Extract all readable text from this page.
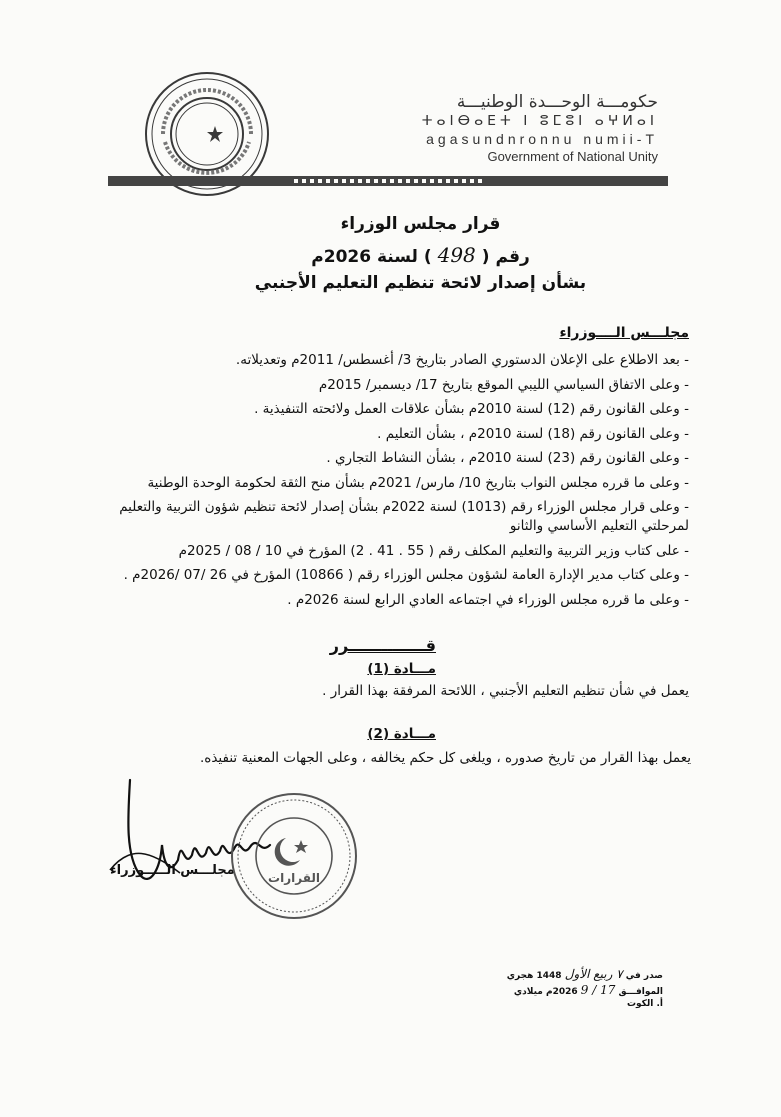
حكومـــة الوحـــدة الوطنيـــة
ⵜⴰⵏⴱⴰⴹⵜ ⵏ ⵓⵎⵓⵏ ⴰⵖⵍⴰⵏ
agasundnronnu numii-T
Government of National Unity
قرار مجلس الوزراء
رقم (498) لسنة 2026م
بشأن إصدار لائحة تنظيم التعليم الأجنبي
مجلـــس الــــوزراء
- بعد الاطلاع على الإعلان الدستوري الصادر بتاريخ 3/ أغسطس/ 2011م وتعديلاته.
- وعلى الاتفاق السياسي الليبي الموقع بتاريخ 17/ ديسمبر/ 2015م
- وعلى القانون رقم (12) لسنة 2010م بشأن علاقات العمل ولائحته التنفيذية .
- وعلى القانون رقم (18) لسنة 2010م ، بشأن التعليم .
- وعلى القانون رقم (23) لسنة 2010م ، بشأن النشاط التجاري .
- وعلى ما قرره مجلس النواب بتاريخ 10/ مارس/ 2021م بشأن منح الثقة لحكومة الوحدة الوطنية
- وعلى قرار مجلس الوزراء رقم (1013) لسنة 2022م بشأن إصدار لائحة تنظيم شؤون التربية والتعليم
لمرحلتي التعليم الأساسي والثانو
- على كتاب وزير التربية والتعليم المكلف رقم ( 55 . 41 . 2) المؤرخ في 10 / 08 / 2025م
- وعلى كتاب مدير الإدارة العامة لشؤون مجلس الوزراء رقم ( 10866) المؤرخ في 26 /07 /2026م .
- وعلى ما قرره مجلس الوزراء في اجتماعه العادي الرابع لسنة 2026م .
قــــــــــــــرر
مـــادة (1)
يعمل في شأن تنظيم التعليم الأجنبي ، اللائحة المرفقة بهذا القرار .
مـــادة (2)
يعمل بهذا القرار من تاريخ صدوره ، ويلغى كل حكم يخالفه ، وعلى الجهات المعنية تنفيذه.
مجلـــس الـــــوزراء	القرارات
صدر في ٧ ربيع الأول 1448 هجري
الموافـــق 17 / 9 2026م ميلادي
أ. الكوت
